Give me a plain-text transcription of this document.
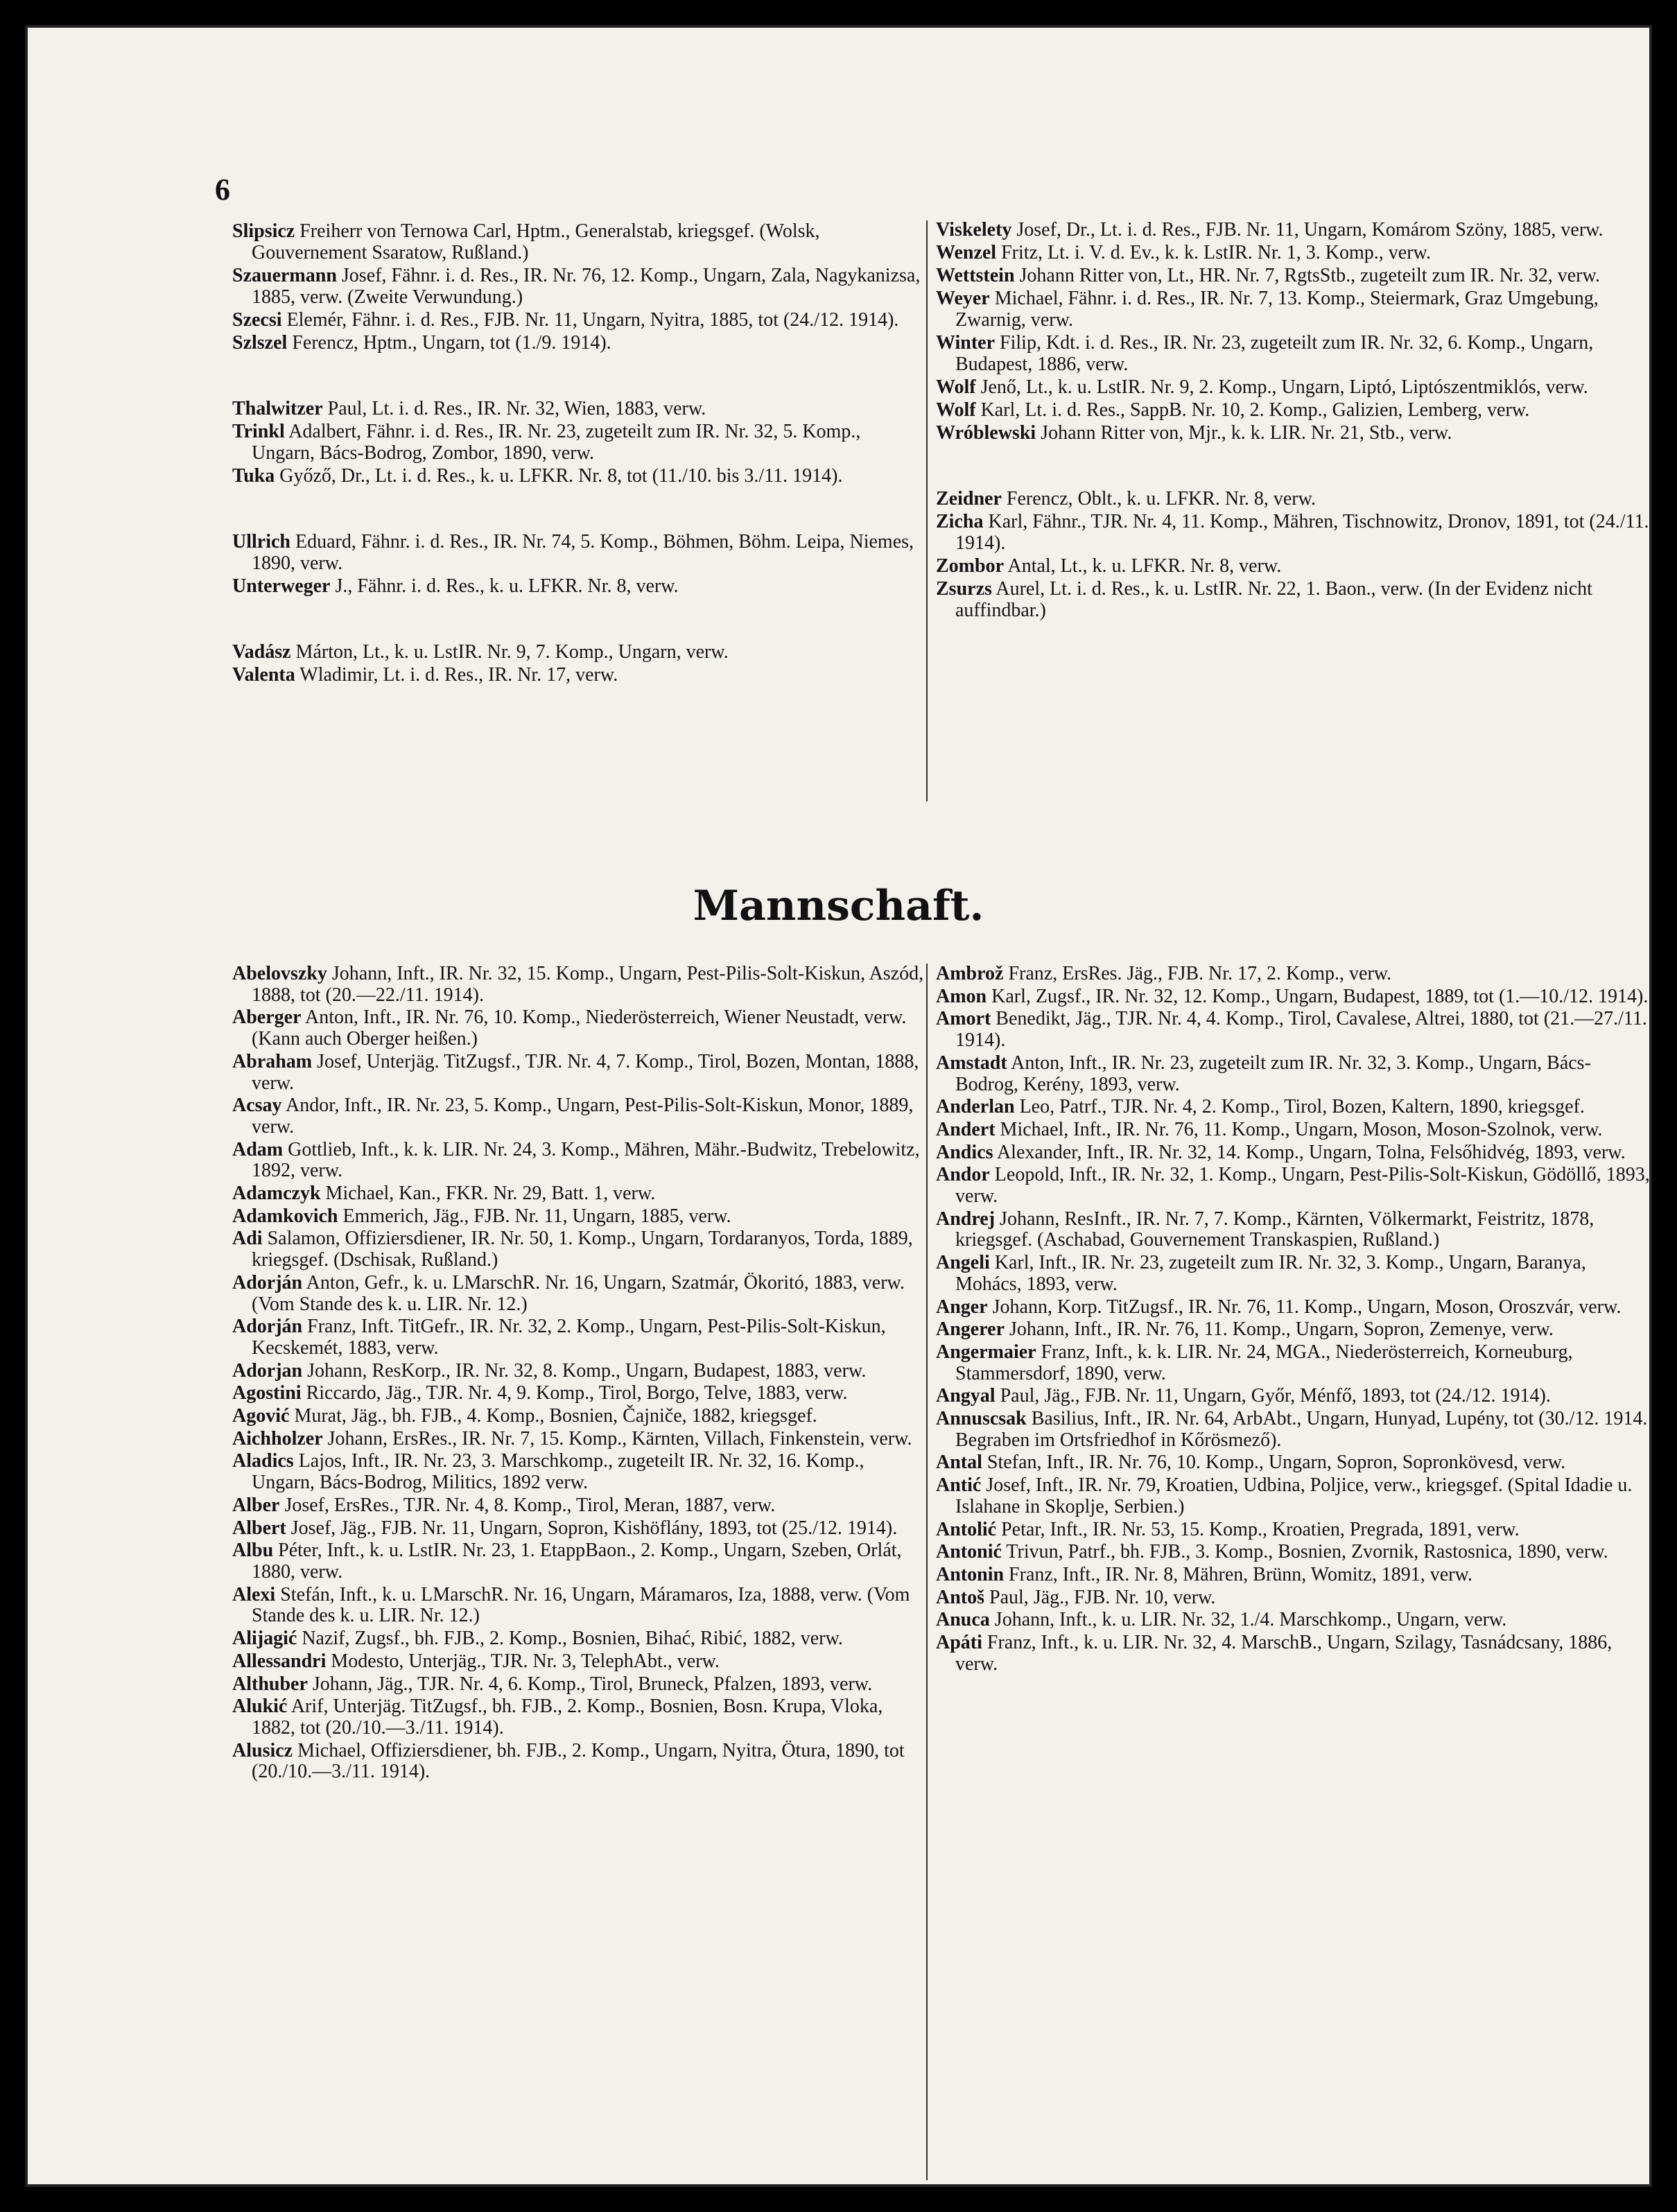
6
Slipsicz Freiherr von Ternowa Carl, Hptm., Generalstab, kriegsgef. (Wolsk, Gouvernement Ssaratow, Rußland.)
Szauermann Josef, Fähnr. i. d. Res., IR. Nr. 76, 12. Komp., Ungarn, Zala, Nagykanizsa, 1885, verw. (Zweite Verwundung.)
Szecsi Elemér, Fähnr. i. d. Res., FJB. Nr. 11, Ungarn, Nyitra, 1885, tot (24./12. 1914).
Szlszel Ferencz, Hptm., Ungarn, tot (1./9. 1914).
Thalwitzer Paul, Lt. i. d. Res., IR. Nr. 32, Wien, 1883, verw.
Trinkl Adalbert, Fähnr. i. d. Res., IR. Nr. 23, zugeteilt zum IR. Nr. 32, 5. Komp., Ungarn, Bács-Bodrog, Zombor, 1890, verw.
Tuka Győző, Dr., Lt. i. d. Res., k. u. LFKR. Nr. 8, tot (11./10. bis 3./11. 1914).
Ullrich Eduard, Fähnr. i. d. Res., IR. Nr. 74, 5. Komp., Böhmen, Böhm. Leipa, Niemes, 1890, verw.
Unterweger J., Fähnr. i. d. Res., k. u. LFKR. Nr. 8, verw.
Vadász Márton, Lt., k. u. LstIR. Nr. 9, 7. Komp., Ungarn, verw.
Valenta Wladimir, Lt. i. d. Res., IR. Nr. 17, verw.
Viskelety Josef, Dr., Lt. i. d. Res., FJB. Nr. 11, Ungarn, Komárom Szöny, 1885, verw.
Wenzel Fritz, Lt. i. V. d. Ev., k. k. LstIR. Nr. 1, 3. Komp., verw.
Wettstein Johann Ritter von, Lt., HR. Nr. 7, RgtsStb., zugeteilt zum IR. Nr. 32, verw.
Weyer Michael, Fähnr. i. d. Res., IR. Nr. 7, 13. Komp., Steiermark, Graz Umgebung, Zwarnig, verw.
Winter Filip, Kdt. i. d. Res., IR. Nr. 23, zugeteilt zum IR. Nr. 32, 6. Komp., Ungarn, Budapest, 1886, verw.
Wolf Jenő, Lt., k. u. LstIR. Nr. 9, 2. Komp., Ungarn, Liptó, Liptószentmiklós, verw.
Wolf Karl, Lt. i. d. Res., SappB. Nr. 10, 2. Komp., Galizien, Lemberg, verw.
Wróblewski Johann Ritter von, Mjr., k. k. LIR. Nr. 21, Stb., verw.
Zeidner Ferencz, Oblt., k. u. LFKR. Nr. 8, verw.
Zicha Karl, Fähnr., TJR. Nr. 4, 11. Komp., Mähren, Tischnowitz, Dronov, 1891, tot (24./11. 1914).
Zombor Antal, Lt., k. u. LFKR. Nr. 8, verw.
Zsurzs Aurel, Lt. i. d. Res., k. u. LstIR. Nr. 22, 1. Baon., verw. (In der Evidenz nicht auffindbar.)
Mannschaft.
Abelovszky Johann, Inft., IR. Nr. 32, 15. Komp., Ungarn, Pest-Pilis-Solt-Kiskun, Aszód, 1888, tot (20.—22./11. 1914).
Aberger Anton, Inft., IR. Nr. 76, 10. Komp., Niederösterreich, Wiener Neustadt, verw. (Kann auch Oberger heißen.)
Abraham Josef, Unterjäg. TitZugsf., TJR. Nr. 4, 7. Komp., Tirol, Bozen, Montan, 1888, verw.
Acsay Andor, Inft., IR. Nr. 23, 5. Komp., Ungarn, Pest-Pilis-Solt-Kiskun, Monor, 1889, verw.
Adam Gottlieb, Inft., k. k. LIR. Nr. 24, 3. Komp., Mähren, Mähr.-Budwitz, Trebelowitz, 1892, verw.
Adamczyk Michael, Kan., FKR. Nr. 29, Batt. 1, verw.
Adamkovich Emmerich, Jäg., FJB. Nr. 11, Ungarn, 1885, verw.
Adi Salamon, Offiziersdiener, IR. Nr. 50, 1. Komp., Ungarn, Tordaranyos, Torda, 1889, kriegsgef. (Dschisak, Rußland.)
Adorján Anton, Gefr., k. u. LMarschR. Nr. 16, Ungarn, Szatmár, Ökoritó, 1883, verw. (Vom Stande des k. u. LIR. Nr. 12.)
Adorján Franz, Inft. TitGefr., IR. Nr. 32, 2. Komp., Ungarn, Pest-Pilis-Solt-Kiskun, Kecskemét, 1883, verw.
Adorjan Johann, ResKorp., IR. Nr. 32, 8. Komp., Ungarn, Budapest, 1883, verw.
Agostini Riccardo, Jäg., TJR. Nr. 4, 9. Komp., Tirol, Borgo, Telve, 1883, verw.
Agović Murat, Jäg., bh. FJB., 4. Komp., Bosnien, Čajniče, 1882, kriegsgef.
Aichholzer Johann, ErsRes., IR. Nr. 7, 15. Komp., Kärnten, Villach, Finkenstein, verw.
Aladics Lajos, Inft., IR. Nr. 23, 3. Marschkomp., zugeteilt IR. Nr. 32, 16. Komp., Ungarn, Bács-Bodrog, Militics, 1892 verw.
Alber Josef, ErsRes., TJR. Nr. 4, 8. Komp., Tirol, Meran, 1887, verw.
Albert Josef, Jäg., FJB. Nr. 11, Ungarn, Sopron, Kishöflány, 1893, tot (25./12. 1914).
Albu Péter, Inft., k. u. LstIR. Nr. 23, 1. EtappBaon., 2. Komp., Ungarn, Szeben, Orlát, 1880, verw.
Alexi Stefán, Inft., k. u. LMarschR. Nr. 16, Ungarn, Máramaros, Iza, 1888, verw. (Vom Stande des k. u. LIR. Nr. 12.)
Alijagić Nazif, Zugsf., bh. FJB., 2. Komp., Bosnien, Bihać, Ribić, 1882, verw.
Allessandri Modesto, Unterjäg., TJR. Nr. 3, TelephAbt., verw.
Althuber Johann, Jäg., TJR. Nr. 4, 6. Komp., Tirol, Bruneck, Pfalzen, 1893, verw.
Alukić Arif, Unterjäg. TitZugsf., bh. FJB., 2. Komp., Bosnien, Bosn. Krupa, Vloka, 1882, tot (20./10.—3./11. 1914).
Alusicz Michael, Offiziersdiener, bh. FJB., 2. Komp., Ungarn, Nyitra, Ötura, 1890, tot (20./10.—3./11. 1914).
Ambrož Franz, ErsRes. Jäg., FJB. Nr. 17, 2. Komp., verw.
Amon Karl, Zugsf., IR. Nr. 32, 12. Komp., Ungarn, Budapest, 1889, tot (1.—10./12. 1914).
Amort Benedikt, Jäg., TJR. Nr. 4, 4. Komp., Tirol, Cavalese, Altrei, 1880, tot (21.—27./11. 1914).
Amstadt Anton, Inft., IR. Nr. 23, zugeteilt zum IR. Nr. 32, 3. Komp., Ungarn, Bács-Bodrog, Kerény, 1893, verw.
Anderlan Leo, Patrf., TJR. Nr. 4, 2. Komp., Tirol, Bozen, Kaltern, 1890, kriegsgef.
Andert Michael, Inft., IR. Nr. 76, 11. Komp., Ungarn, Moson, Moson-Szolnok, verw.
Andics Alexander, Inft., IR. Nr. 32, 14. Komp., Ungarn, Tolna, Felsőhidvég, 1893, verw.
Andor Leopold, Inft., IR. Nr. 32, 1. Komp., Ungarn, Pest-Pilis-Solt-Kiskun, Gödöllő, 1893, verw.
Andrej Johann, ResInft., IR. Nr. 7, 7. Komp., Kärnten, Völkermarkt, Feistritz, 1878, kriegsgef. (Aschabad, Gouvernement Transkaspien, Rußland.)
Angeli Karl, Inft., IR. Nr. 23, zugeteilt zum IR. Nr. 32, 3. Komp., Ungarn, Baranya, Mohács, 1893, verw.
Anger Johann, Korp. TitZugsf., IR. Nr. 76, 11. Komp., Ungarn, Moson, Oroszvár, verw.
Angerer Johann, Inft., IR. Nr. 76, 11. Komp., Ungarn, Sopron, Zemenye, verw.
Angermaier Franz, Inft., k. k. LIR. Nr. 24, MGA., Niederösterreich, Korneuburg, Stammersdorf, 1890, verw.
Angyal Paul, Jäg., FJB. Nr. 11, Ungarn, Győr, Ménfő, 1893, tot (24./12. 1914).
Annuscsak Basilius, Inft., IR. Nr. 64, ArbAbt., Ungarn, Hunyad, Lupény, tot (30./12. 1914. Begraben im Ortsfriedhof in Kőrösmező).
Antal Stefan, Inft., IR. Nr. 76, 10. Komp., Ungarn, Sopron, Sopronkövesd, verw.
Antić Josef, Inft., IR. Nr. 79, Kroatien, Udbina, Poljice, verw., kriegsgef. (Spital Idadie u. Islahane in Skoplje, Serbien.)
Antolić Petar, Inft., IR. Nr. 53, 15. Komp., Kroatien, Pregrada, 1891, verw.
Antonić Trivun, Patrf., bh. FJB., 3. Komp., Bosnien, Zvornik, Rastosnica, 1890, verw.
Antonin Franz, Inft., IR. Nr. 8, Mähren, Brünn, Womitz, 1891, verw.
Antoš Paul, Jäg., FJB. Nr. 10, verw.
Anuca Johann, Inft., k. u. LIR. Nr. 32, 1./4. Marschkomp., Ungarn, verw.
Apáti Franz, Inft., k. u. LIR. Nr. 32, 4. MarschB., Ungarn, Szilagy, Tasnádcsany, 1886, verw.
